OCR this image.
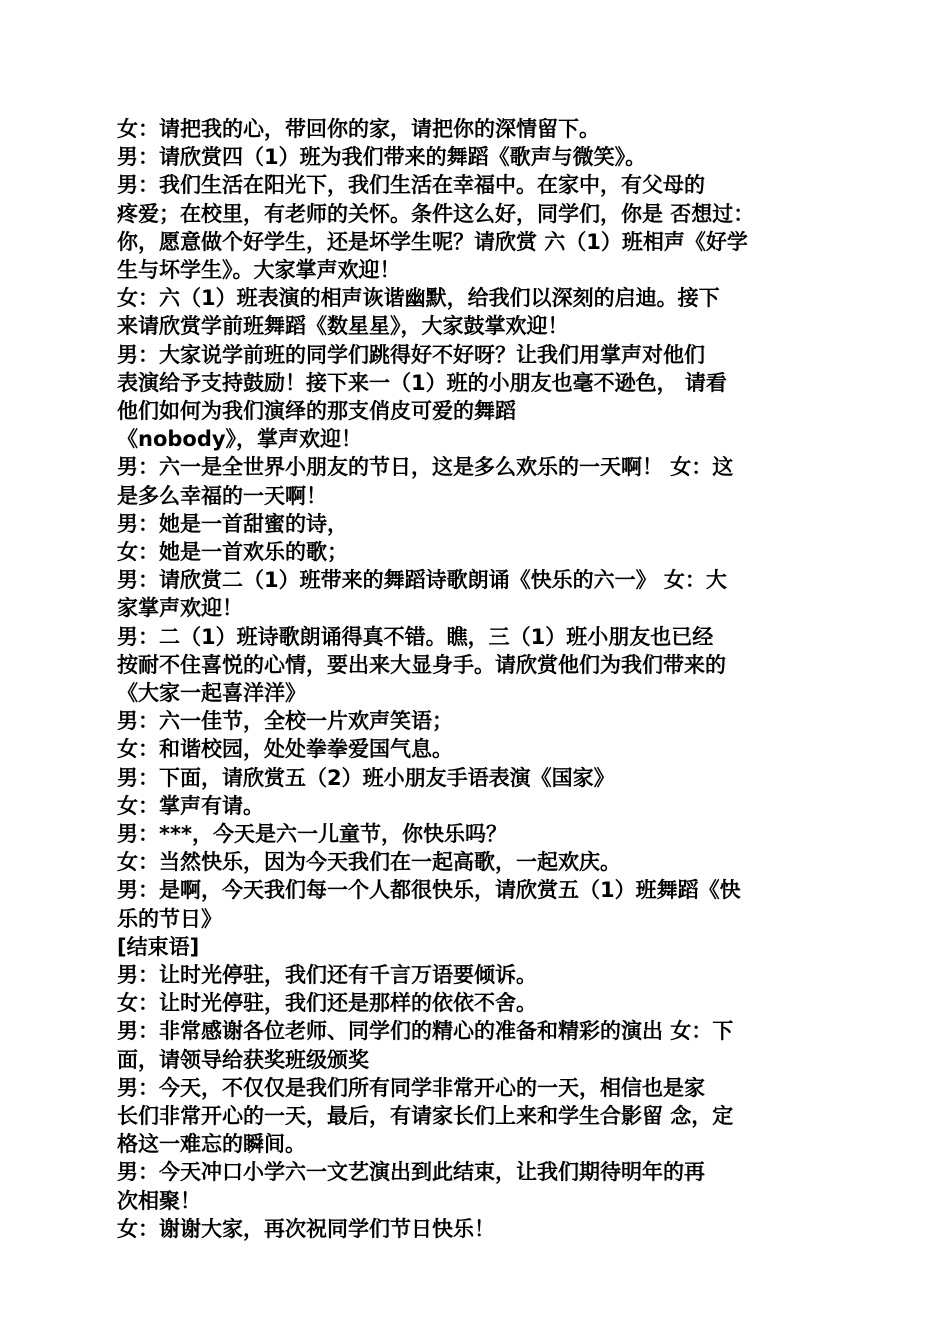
女：请把我的心，带回你的家，请把你的深情留下。
男：请欣赏四（1）班为我们带来的舞蹈《歌声与微笑》。
男：我们生活在阳光下，我们生活在幸福中。在家中，有父母的
疼爱；在校里，有老师的关怀。条件这么好，同学们，你是 否想过：
你，愿意做个好学生，还是坏学生呢？请欣赏 六（1）班相声《好学
生与坏学生》。大家掌声欢迎！
女：六（1）班表演的相声诙谐幽默，给我们以深刻的启迪。接下
来请欣赏学前班舞蹈《数星星》，大家鼓掌欢迎！
男：大家说学前班的同学们跳得好不好呀？让我们用掌声对他们
表演给予支持鼓励！接下来一（1）班的小朋友也毫不逊色， 请看
他们如何为我们演绎的那支俏皮可爱的舞蹈
《nobody》，掌声欢迎！
男：六一是全世界小朋友的节日，这是多么欢乐的一天啊！ 女：这
是多么幸福的一天啊！
男：她是一首甜蜜的诗，
女：她是一首欢乐的歌；
男：请欣赏二（1）班带来的舞蹈诗歌朗诵《快乐的六一》 女：大
家掌声欢迎！
男：二（1）班诗歌朗诵得真不错。瞧，三（1）班小朋友也已经
按耐不住喜悦的心情，要出来大显身手。请欣赏他们为我们带来的
《大家一起喜洋洋》
男：六一佳节，全校一片欢声笑语；
女：和谐校园，处处拳拳爱国气息。
男：下面，请欣赏五（2）班小朋友手语表演《国家》
女：掌声有请。
男：***，今天是六一儿童节，你快乐吗？
女：当然快乐，因为今天我们在一起高歌，一起欢庆。
男：是啊，今天我们每一个人都很快乐，请欣赏五（1）班舞蹈《快
乐的节日》
[结束语]
男：让时光停驻，我们还有千言万语要倾诉。
女：让时光停驻，我们还是那样的依依不舍。
男：非常感谢各位老师、同学们的精心的准备和精彩的演出 女：下
面，请领导给获奖班级颁奖
男：今天，不仅仅是我们所有同学非常开心的一天，相信也是家
长们非常开心的一天，最后，有请家长们上来和学生合影留 念，定
格这一难忘的瞬间。
男：今天冲口小学六一文艺演出到此结束，让我们期待明年的再
次相聚！
女：谢谢大家，再次祝同学们节日快乐！
